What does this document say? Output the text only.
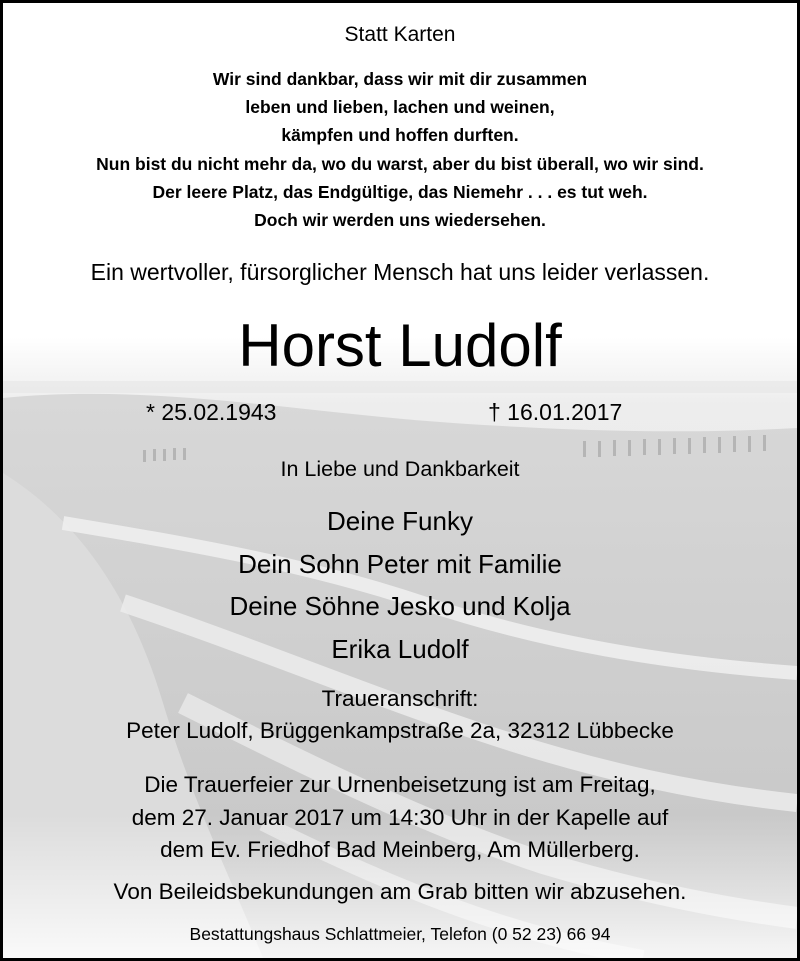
Statt Karten
Wir sind dankbar, dass wir mit dir zusammen
leben und lieben, lachen und weinen,
kämpfen und hoffen durften.
Nun bist du nicht mehr da, wo du warst, aber du bist überall, wo wir sind.
Der leere Platz, das Endgültige, das Niemehr . . . es tut weh.
Doch wir werden uns wiedersehen.
Ein wertvoller, fürsorglicher Mensch hat uns leider verlassen.
Horst Ludolf
* 25.02.1943	† 16.01.2017
In Liebe und Dankbarkeit
Deine Funky
Dein Sohn Peter mit Familie
Deine Söhne Jesko und Kolja
Erika Ludolf
Traueranschrift:
Peter Ludolf, Brüggenkampstraße 2a, 32312 Lübbecke
Die Trauerfeier zur Urnenbeisetzung ist am Freitag,
dem 27. Januar 2017 um 14:30 Uhr in der Kapelle auf
dem Ev. Friedhof Bad Meinberg, Am Müllerberg.
Von Beileidsbekundungen am Grab bitten wir abzusehen.
Bestattungshaus Schlattmeier, Telefon (0 52 23) 66 94
